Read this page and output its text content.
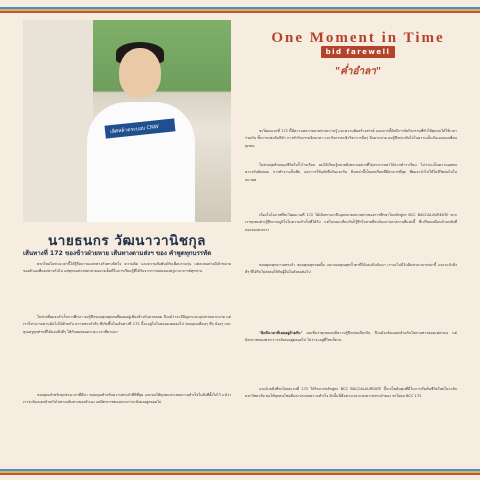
เลิศหล้าตระบอบ CNW
นายธนกร วัฒนาวานิชกุล
One Moment in Time
bid farewell
"ค่ำอำลา"
ชะไผ่ยมเวนที่ 172 นี้มีความหลากหลายทางความรู้ และความคิดสร้างสรรค์ นอกจากนี้ยังมีการจัดกิจกรรมที่ทำให้ทุกคนได้ใช้เวลาร่วมกัน ทั้งการแข่งขันกีฬา การทำกิจกรรมจิตอาสา และกิจกรรมเชิงวิชาการอื่นๆ อีกมากมาย ผมรู้สึกประทับใจในความเป็นกันเองของเพื่อนทุกคน
ในช่วงสุดท้ายของชีวิตในรั้วโรงเรียน ผมได้เรียนรู้หลายสิ่งหลายอย่างที่ไม่สามารถหาได้จากตำราเรียน ไม่ว่าจะเป็นความอดทน ความรับผิดชอบ การทำงานเป็นทีม และการให้อภัยซึ่งกันและกัน สิ่งเหล่านี้เป็นบทเรียนที่มีค่ามากที่สุด ที่ผมจะนำไปใช้ในชีวิตต่อไปในอนาคต
เนื่องในโอกาสที่ชะไผ่ยมเวนที่ 172 ได้เดินทางมาถึงจุดหมายปลายทางของการศึกษาในหลักสูตร BCC BACCALAUREATE พวกเราทุกคนต่างรู้สึกภาคภูมิใจในความสำเร็จที่ได้รับ แต่ในขณะเดียวกันก็รู้สึกใจหายที่จะต้องจากลาสถานที่แห่งนี้ ที่เปรียบเสมือนบ้านหลังที่สองของพวกเรา
ขอบคุณทุกความทรงจำ ขอบคุณทุกรอยยิ้ม และขอบคุณทุกน้ำตาที่ได้แบ่งปันกันมา เราจะไม่มีวันลืมช่วงเวลาเหล่านี้ และจะนำสิ่งดีๆ ที่ได้รับไปส่งต่อให้กับผู้อื่นในสังคมต่อไป
"คิดถึงเวลาที่เคยอยู่ด้วยกัน" ผมเชื่อว่าทุกคนคงมีความรู้สึกเช่นเดียวกัน ถึงแม้จะต้องแยกย้ายกันไปตามทางของแต่ละคน แต่มิตรภาพของพวกเราจะยังคงอยู่ตลอดไป ไม่ว่าจะอยู่ที่ไหนก็ตาม
และด้วยสิ่งที่ชะไผ่ยมเวนที่ 172 ได้รับจากหลักสูตร BCC BACCALAUREATE นี้จะเป็นต้นทุนที่ดีในการเริ่มต้นชีวิตใหม่ในระดับมหาวิทยาลัย ขอให้ทุกคนโชคดีและประสบความสำเร็จ ดังนั้นนี่คือช่วงเวลาแห่งความทรงจำของ ชะไผ่ยม BCC 172
เส้นทางที่ 172 ของข้าวฝ่ายหาย เส้นทางตามส่งฯ ของ คำพูดทุกบรรทัด
พวกใหม่ในช่วงเวลานี้ได้รู้ถึงความแตกต่างกันทางจิตใจ ความคิด และความสัมพันธ์กับเพื่อนร่วมรุ่น แต่ละคนต่างมีเป้าหมายของตัวเองที่แตกต่างกันไป แต่ทุกคนต่างพยายามอย่างเต็มที่ในการเรียนรู้ที่ได้รับจากการสอนของครูบาอาจารย์ทุกท่าน
ในช่วงที่ผมจะสำเร็จการศึกษา ผมรู้สึกขอบคุณทุกคนที่คอยอยู่เคียงข้างกันมาตลอด ถึงแม้ว่าจะมีปัญหาและอุปสรรคมากมาย แต่เราก็สามารถผ่านมันไปได้ด้วยกัน ความทรงจำดีๆ ที่เกิดขึ้นในเส้นทางที่ 172 นี้จะอยู่ในใจของผมตลอดไป ขอบคุณเพื่อนๆ พี่ๆ น้องๆ และคุณครูทุกท่านที่ได้มอบสิ่งดีๆ ให้กับผมตลอดระยะเวลาที่ผ่านมา
ขอบคุณสำหรับทุกช่วงเวลาที่มีค่า ขอบคุณสำหรับความทรงจำที่ดีที่สุด และขอให้ทุกคนประสบความสำเร็จในสิ่งที่ตั้งใจไว้ แม้ว่าเราจะต้องแยกย้ายกันไปตามเส้นทางของตัวเอง แต่มิตรภาพของพวกเราจะยังคงอยู่ตลอดไป
